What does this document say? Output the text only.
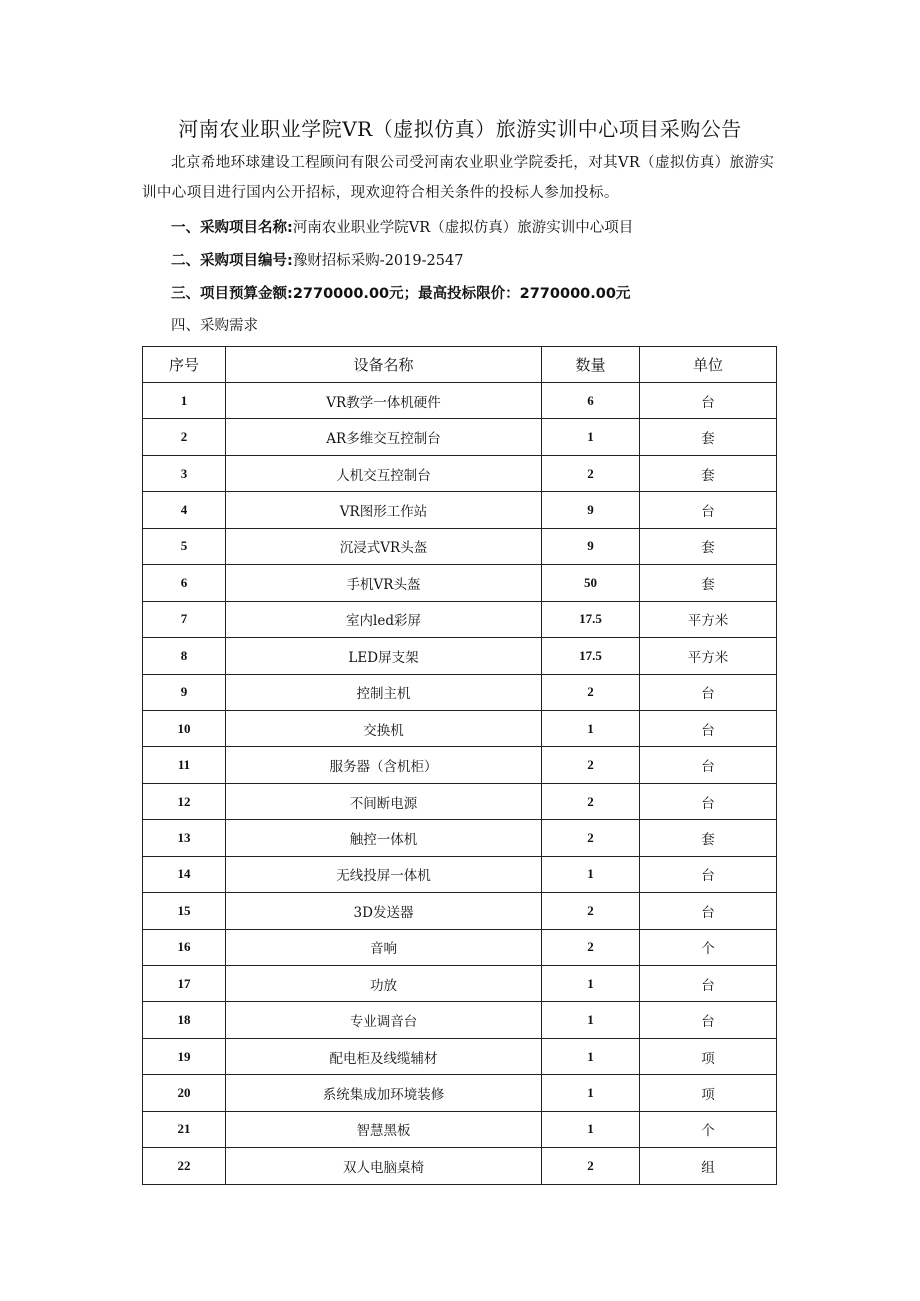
河南农业职业学院VR（虚拟仿真）旅游实训中心项目采购公告

北京希地环球建设工程顾问有限公司受河南农业职业学院委托，对其VR（虚拟仿真）旅游实训中心项目进行国内公开招标，现欢迎符合相关条件的投标人参加投标。

一、采购项目名称:河南农业职业学院VR（虚拟仿真）旅游实训中心项目
二、采购项目编号:豫财招标采购-2019-2547
三、项目预算金额:2770000.00元；最高投标限价：2770000.00元
四、采购需求
序号	设备名称	数量	单位
1	VR教学一体机硬件	6	台
2	AR多维交互控制台	1	套
3	人机交互控制台	2	套
4	VR图形工作站	9	台
5	沉浸式VR头盔	9	套
6	手机VR头盔	50	套
7	室内led彩屏	17.5	平方米
8	LED屏支架	17.5	平方米
9	控制主机	2	台
10	交换机	1	台
11	服务器（含机柜）	2	台
12	不间断电源	2	台
13	触控一体机	2	套
14	无线投屏一体机	1	台
15	3D发送器	2	台
16	音响	2	个
17	功放	1	台
18	专业调音台	1	台
19	配电柜及线缆辅材	1	项
20	系统集成加环境装修	1	项
21	智慧黑板	1	个
22	双人电脑桌椅	2	组
